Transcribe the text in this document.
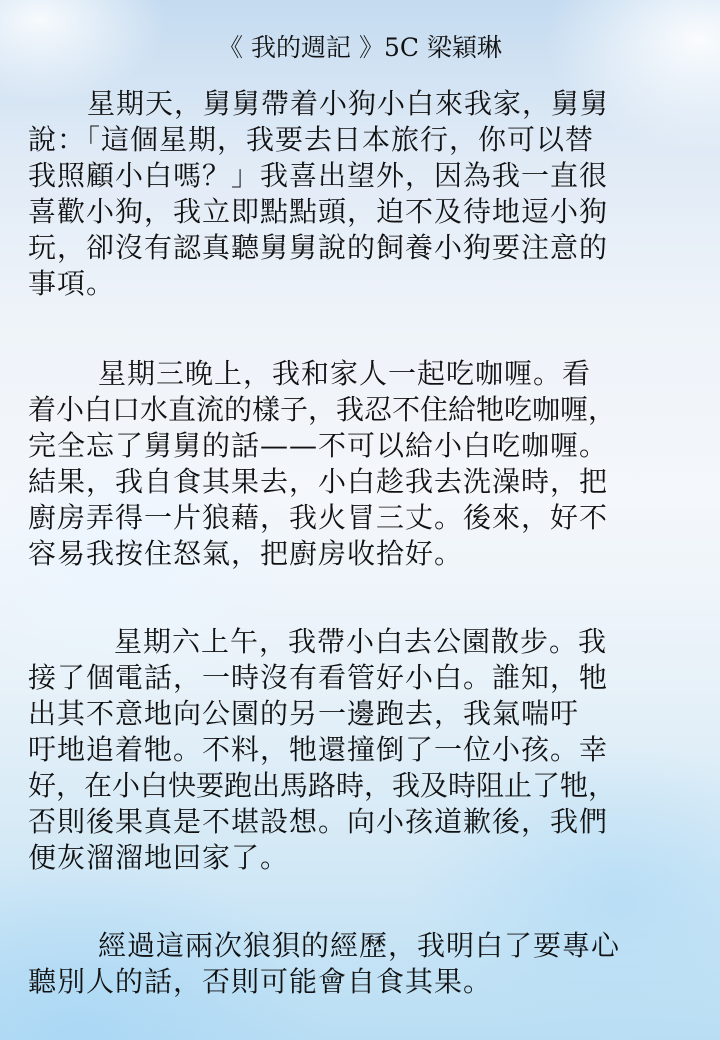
《 我的週記 》5C 梁穎琳
　星期天，舅舅帶着小狗小白來我家，舅舅
說：「這個星期，我要去日本旅行，你可以替
我照顧小白嗎？」我喜出望外，因為我一直很
喜歡小狗，我立即點點頭，迫不及待地逗小狗
玩，卻沒有認真聽舅舅說的飼養小狗要注意的
事項。
　　星期三晚上，我和家人一起吃咖喱。看
着小白口水直流的樣子，我忍不住給牠吃咖喱，
完全忘了舅舅的話——不可以給小白吃咖喱。
結果，我自食其果去，小白趁我去洗澡時，把
廚房弄得一片狼藉，我火冒三丈。後來，好不
容易我按住怒氣，把廚房收拾好。
　　星期六上午，我帶小白去公園散步。我
接了個電話，一時沒有看管好小白。誰知，牠
出其不意地向公園的另一邊跑去，我氣喘吁
吁地追着牠。不料，牠還撞倒了一位小孩。幸
好，在小白快要跑出馬路時，我及時阻止了牠，
否則後果真是不堪設想。向小孩道歉後，我們
便灰溜溜地回家了。
　　經過這兩次狼狽的經歷，我明白了要專心
聽別人的話，否則可能會自食其果。
